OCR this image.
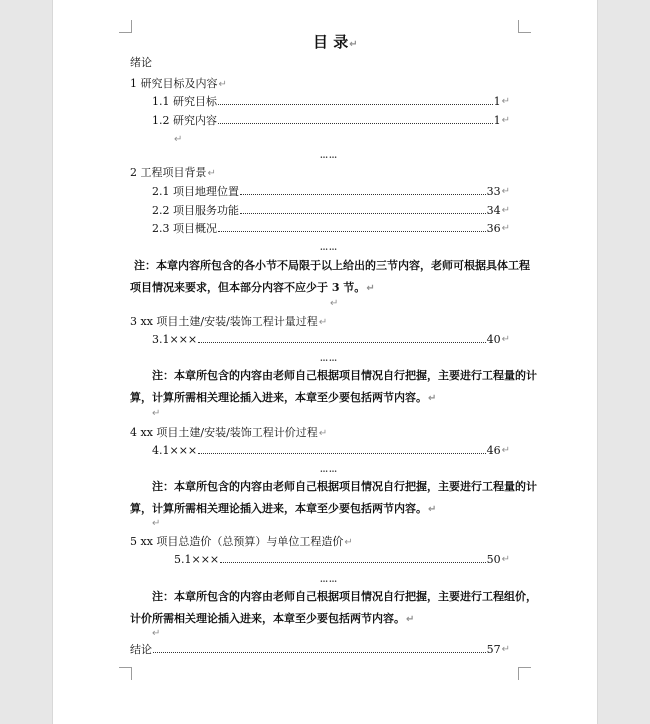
目 录↵
绪论
1 研究目标及内容↵
1.1 研究目标	1 ↵
1.2 研究内容	1 ↵
↵
……
2 工程项目背景↵
2.1 项目地理位置	33 ↵
2.2 项目服务功能	34 ↵
2.3 项目概况	36 ↵
……
注：本章内容所包含的各小节不局限于以上给出的三节内容，老师可根据具体工程项目情况来要求，但本部分内容不应少于 3 节。↵
↵
3 xx 项目土建/安装/装饰工程计量过程↵
3.1×××	40 ↵
……
注：本章所包含的内容由老师自己根据项目情况自行把握，主要进行工程量的计算，计算所需相关理论插入进来，本章至少要包括两节内容。↵
↵
4 xx 项目土建/安装/装饰工程计价过程↵
4.1×××	46 ↵
……
注：本章所包含的内容由老师自己根据项目情况自行把握，主要进行工程量的计算，计算所需相关理论插入进来，本章至少要包括两节内容。↵
↵
5 xx 项目总造价（总预算）与单位工程造价↵
5.1×××	50 ↵
……
注：本章所包含的内容由老师自己根据项目情况自行把握，主要进行工程组价，计价所需相关理论插入进来，本章至少要包括两节内容。↵
↵
结论	57 ↵
